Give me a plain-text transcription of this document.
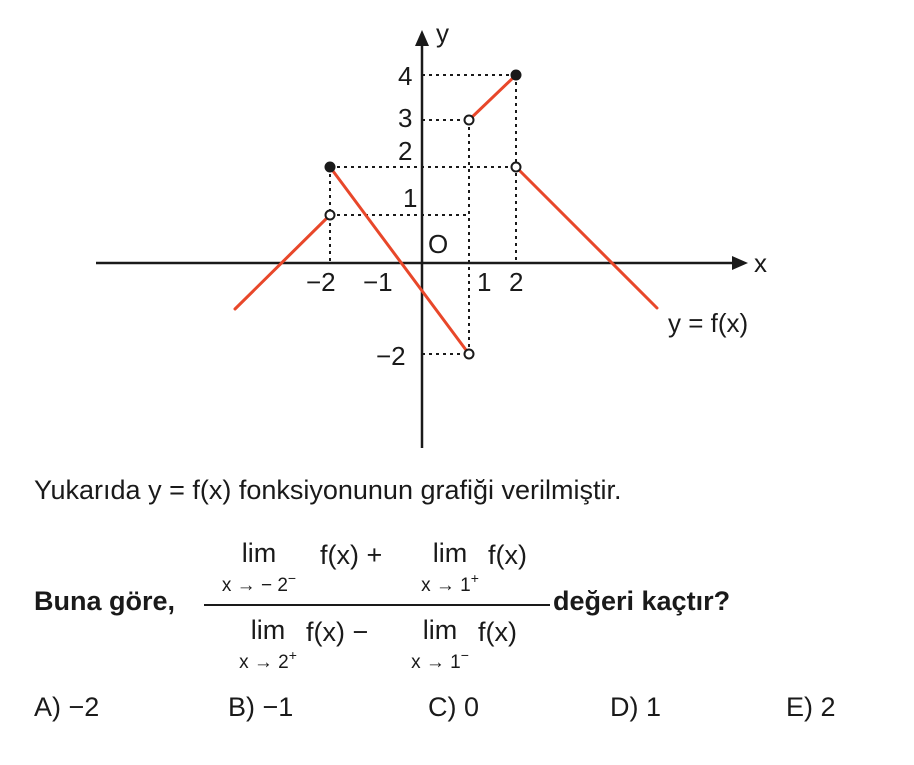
y
x
O
4
3
2
1
−2
−2 −1	1 2
y = f(x)
Yukarıda y = f(x) fonksiyonunun grafiği verilmiştir.
Buna göre,
lim
x → − 2−
f(x) +	lim
x → 1+
f(x)
lim
x → 2+
f(x) −	lim
x → 1−
f(x)
değeri kaçtır?
A) −2	B) −1	C) 0	D) 1	E) 2
